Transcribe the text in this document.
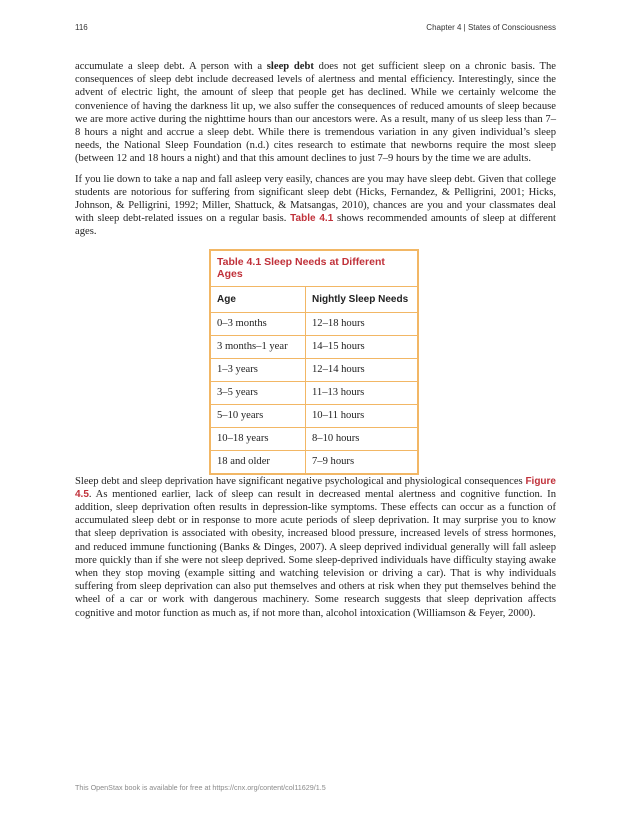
116	Chapter 4 | States of Consciousness

accumulate a sleep debt. A person with a sleep debt does not get sufficient sleep on a chronic basis. The consequences of sleep debt include decreased levels of alertness and mental efficiency. Interestingly, since the advent of electric light, the amount of sleep that people get has declined. While we certainly welcome the convenience of having the darkness lit up, we also suffer the consequences of reduced amounts of sleep because we are more active during the nighttime hours than our ancestors were. As a result, many of us sleep less than 7–8 hours a night and accrue a sleep debt. While there is tremendous variation in any given individual’s sleep needs, the National Sleep Foundation (n.d.) cites research to estimate that newborns require the most sleep (between 12 and 18 hours a night) and that this amount declines to just 7–9 hours by the time we are adults.

If you lie down to take a nap and fall asleep very easily, chances are you may have sleep debt. Given that college students are notorious for suffering from significant sleep debt (Hicks, Fernandez, & Pelligrini, 2001; Hicks, Johnson, & Pelligrini, 1992; Miller, Shattuck, & Matsangas, 2010), chances are you and your classmates deal with sleep debt-related issues on a regular basis. Table 4.1 shows recommended amounts of sleep at different ages.

Table 4.1 Sleep Needs at Different Ages
Age	Nightly Sleep Needs
0–3 months	12–18 hours
3 months–1 year	14–15 hours
1–3 years	12–14 hours
3–5 years	11–13 hours
5–10 years	10–11 hours
10–18 years	8–10 hours
18 and older	7–9 hours

Sleep debt and sleep deprivation have significant negative psychological and physiological consequences Figure 4.5. As mentioned earlier, lack of sleep can result in decreased mental alertness and cognitive function. In addition, sleep deprivation often results in depression-like symptoms. These effects can occur as a function of accumulated sleep debt or in response to more acute periods of sleep deprivation. It may surprise you to know that sleep deprivation is associated with obesity, increased blood pressure, increased levels of stress hormones, and reduced immune functioning (Banks & Dinges, 2007). A sleep deprived individual generally will fall asleep more quickly than if she were not sleep deprived. Some sleep-deprived individuals have difficulty staying awake when they stop moving (example sitting and watching television or driving a car). That is why individuals suffering from sleep deprivation can also put themselves and others at risk when they put themselves behind the wheel of a car or work with dangerous machinery. Some research suggests that sleep deprivation affects cognitive and motor function as much as, if not more than, alcohol intoxication (Williamson & Feyer, 2000).

This OpenStax book is available for free at https://cnx.org/content/col11629/1.5
